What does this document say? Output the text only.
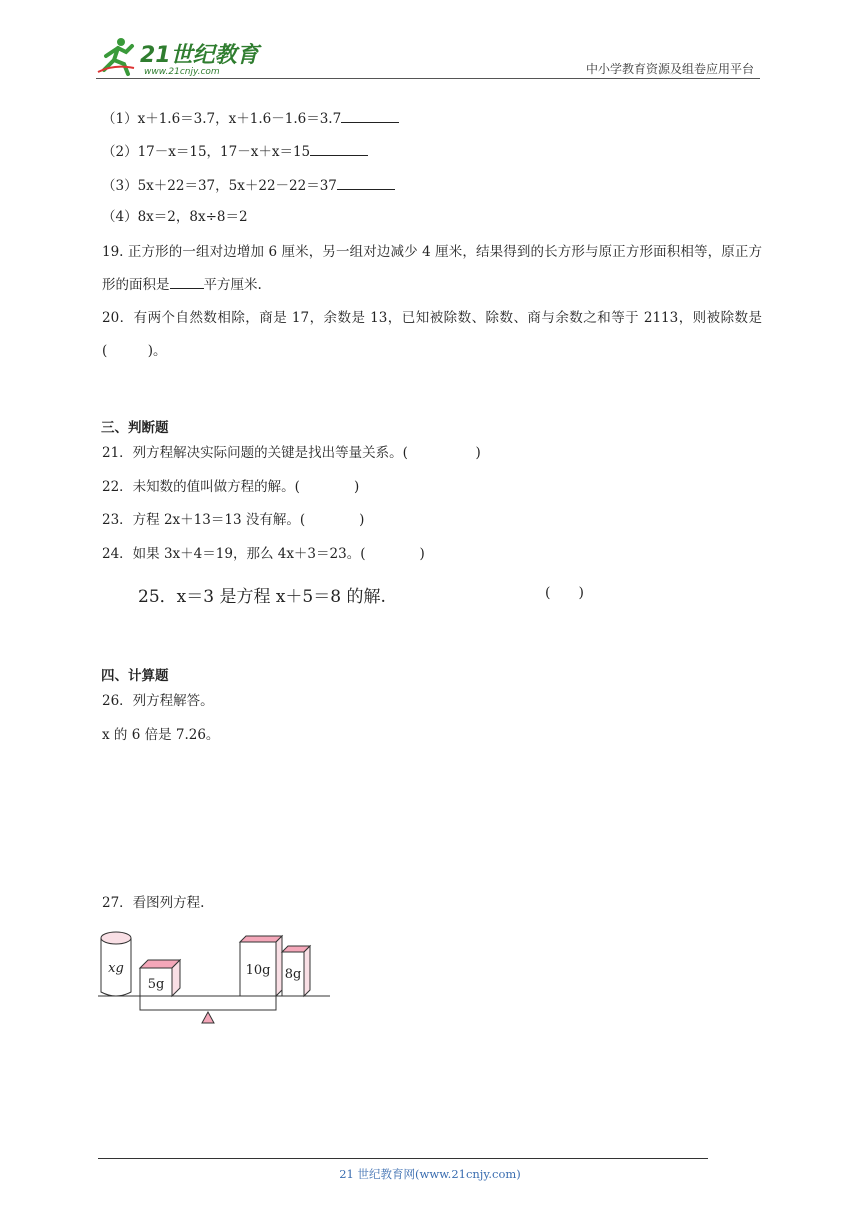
21世纪教育
www.21cnjy.com	中小学教育资源及组卷应用平台
（1）x＋1.6＝3.7，x＋1.6－1.6＝3.7
（2）17－x＝15，17－x＋x＝15
（3）5x＋22＝37，5x＋22－22＝37
（4）8x＝2，8x÷8＝2
19. 正方形的一组对边增加 6 厘米，另一组对边减少 4 厘米，结果得到的长方形与原正方形面积相等，原正方形的面积是	平方厘米.
20．有两个自然数相除，商是 17，余数是 13，已知被除数、除数、商与余数之和等于 2113，则被除数是(　　　)。
三、判断题
21．列方程解决实际问题的关键是找出等量关系。(　　　　　)
22．未知数的值叫做方程的解。(　　　　)
23．方程 2x＋13＝13 没有解。(　　　　)
24．如果 3x＋4＝19，那么 4x＋3＝23。(　　　　)
25．x＝3 是方程 x＋5＝8 的解.	(　　)
四、计算题
26．列方程解答。
x 的 6 倍是 7.26。
27．看图列方程.
xg
5g
10g 8g
21 世纪教育网(www.21cnjy.com)
